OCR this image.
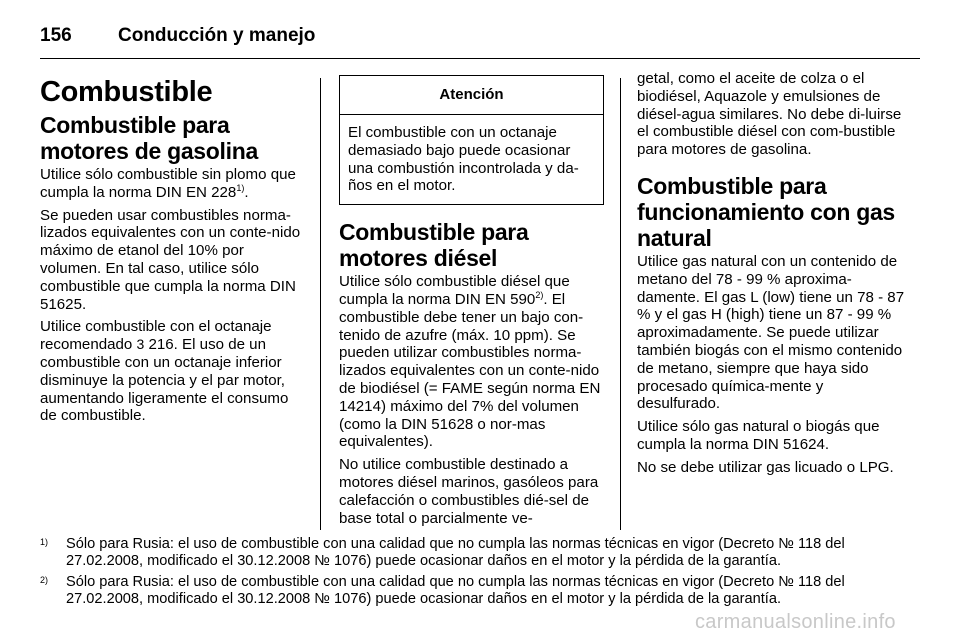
156	Conducción y manejo
Combustible
Combustible para motores de gasolina

Utilice sólo combustible sin plomo que cumpla la norma DIN EN 228$^{1)}$.

Se pueden usar combustibles norma-lizados equivalentes con un conte-nido máximo de etanol del 10% por volumen. En tal caso, utilice sólo combustible que cumpla la norma DIN 51625.

Utilice combustible con el octanaje recomendado 3 216. El uso de un combustible con un octanaje inferior disminuye la potencia y el par motor, aumentando ligeramente el consumo de combustible.

Atención
El combustible con un octanaje demasiado bajo puede ocasionar una combustión incontrolada y da-ños en el motor.
Combustible para motores diésel

Utilice sólo combustible diésel que cumpla la norma DIN EN 590$^{2)}$. El combustible debe tener un bajo con-tenido de azufre (máx. 10 ppm). Se pueden utilizar combustibles norma-lizados equivalentes con un conte-nido de biodiésel (= FAME según norma EN 14214) máximo del 7% del volumen (como la DIN 51628 o nor-mas equivalentes).

No utilice combustible destinado a motores diésel marinos, gasóleos para calefacción o combustibles dié-sel de base total o parcialmente ve-

getal, como el aceite de colza o el biodiésel, Aquazole y emulsiones de diésel-agua similares. No debe di-luirse el combustible diésel con com-bustible para motores de gasolina.

Combustible para funcionamiento con gas natural

Utilice gas natural con un contenido de metano del 78 - 99 % aproxima-damente. El gas L (low) tiene un 78 - 87 % y el gas H (high) tiene un 87 - 99 % aproximadamente. Se puede utilizar también biogás con el mismo contenido de metano, siempre que haya sido procesado química-mente y desulfurado.

Utilice sólo gas natural o biogás que cumpla la norma DIN 51624.

No se debe utilizar gas licuado o LPG.

1)	Sólo para Rusia: el uso de combustible con una calidad que no cumpla las normas técnicas en vigor (Decreto № 118 del 27.02.2008, modificado el 30.12.2008 № 1076) puede ocasionar daños en el motor y la pérdida de la garantía.
2)	Sólo para Rusia: el uso de combustible con una calidad que no cumpla las normas técnicas en vigor (Decreto № 118 del 27.02.2008, modificado el 30.12.2008 № 1076) puede ocasionar daños en el motor y la pérdida de la garantía.
carmanualsonline.info
